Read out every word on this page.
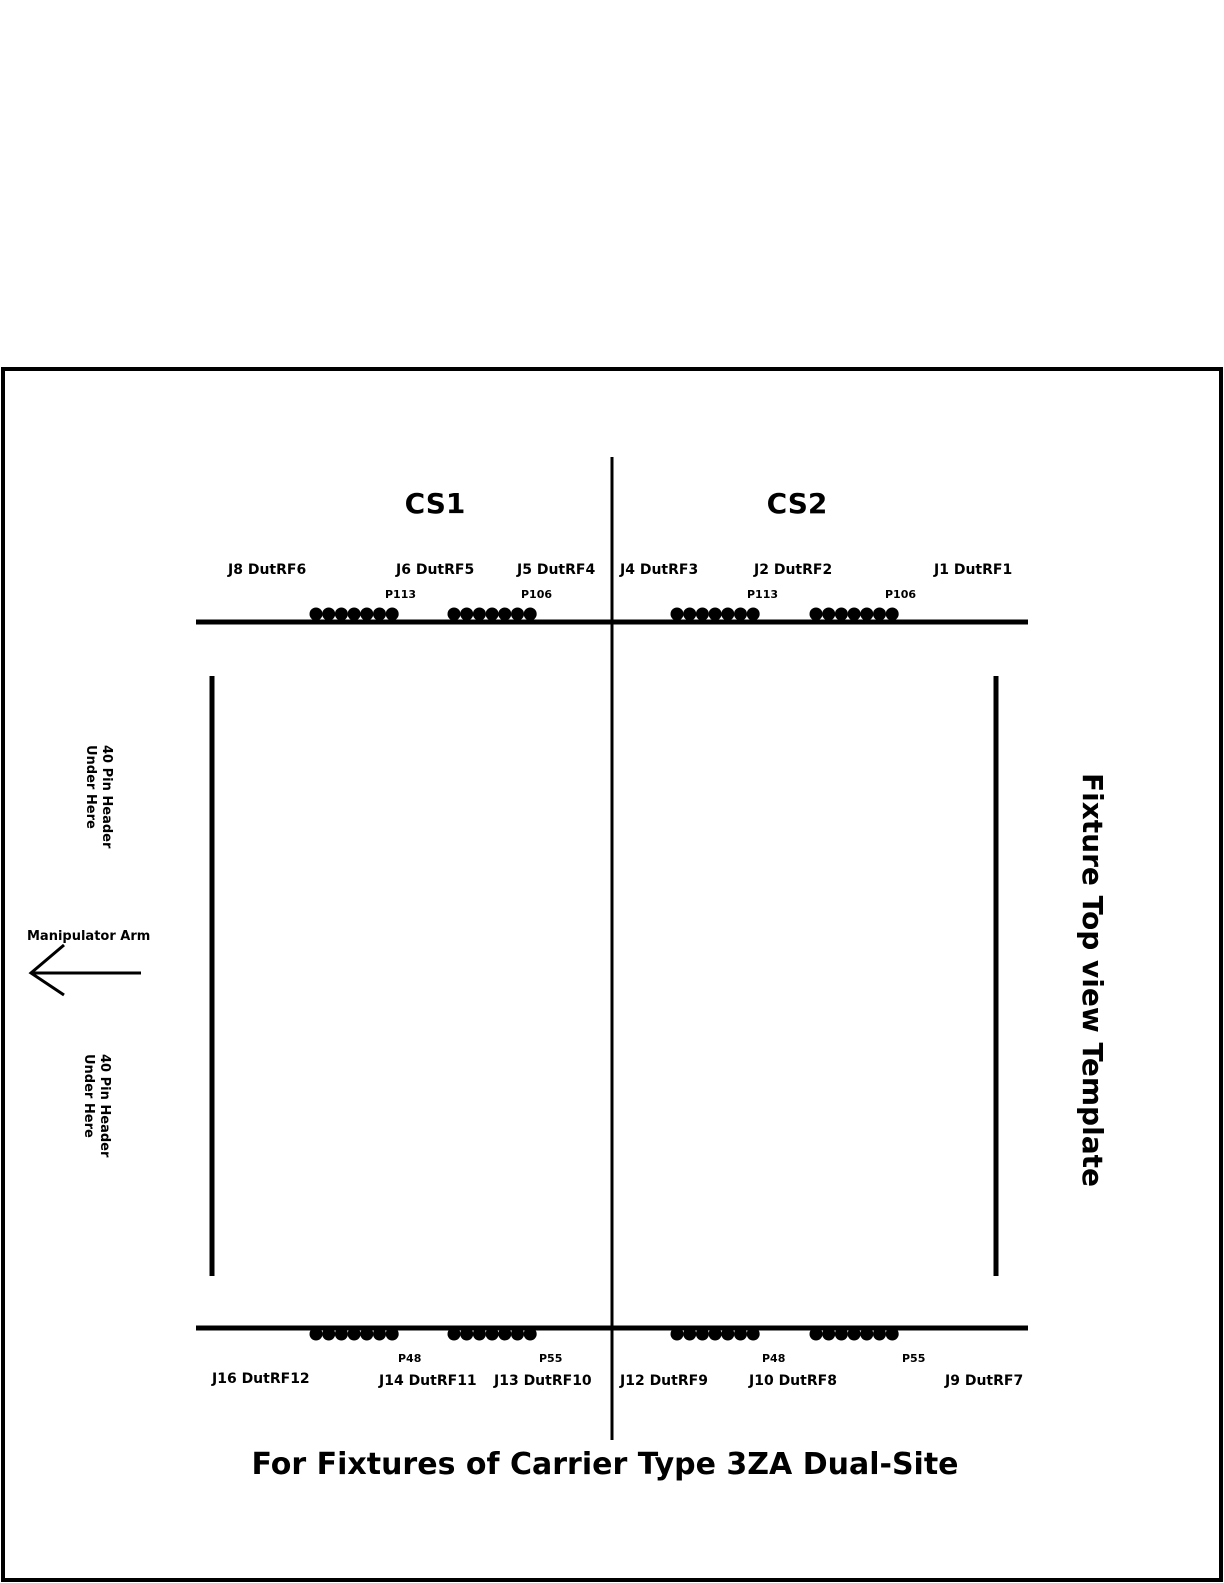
CS1	CS2
J8 DutRF6	J6 DutRF5	J5 DutRF4 J4 DutRF3	J2 DutRF2	J1 DutRF1
P113	P106	P113	P106
P48	P55	P48	P55
J16 DutRF12	J14 DutRF11 J13 DutRF10 J12 DutRF9	J10 DutRF8	J9 DutRF7
40 Pin Header
Under Here
40 Pin Header
Under Here
Manipulator Arm	Fixture Top view Template
For Fixtures of Carrier Type 3ZA Dual-Site
